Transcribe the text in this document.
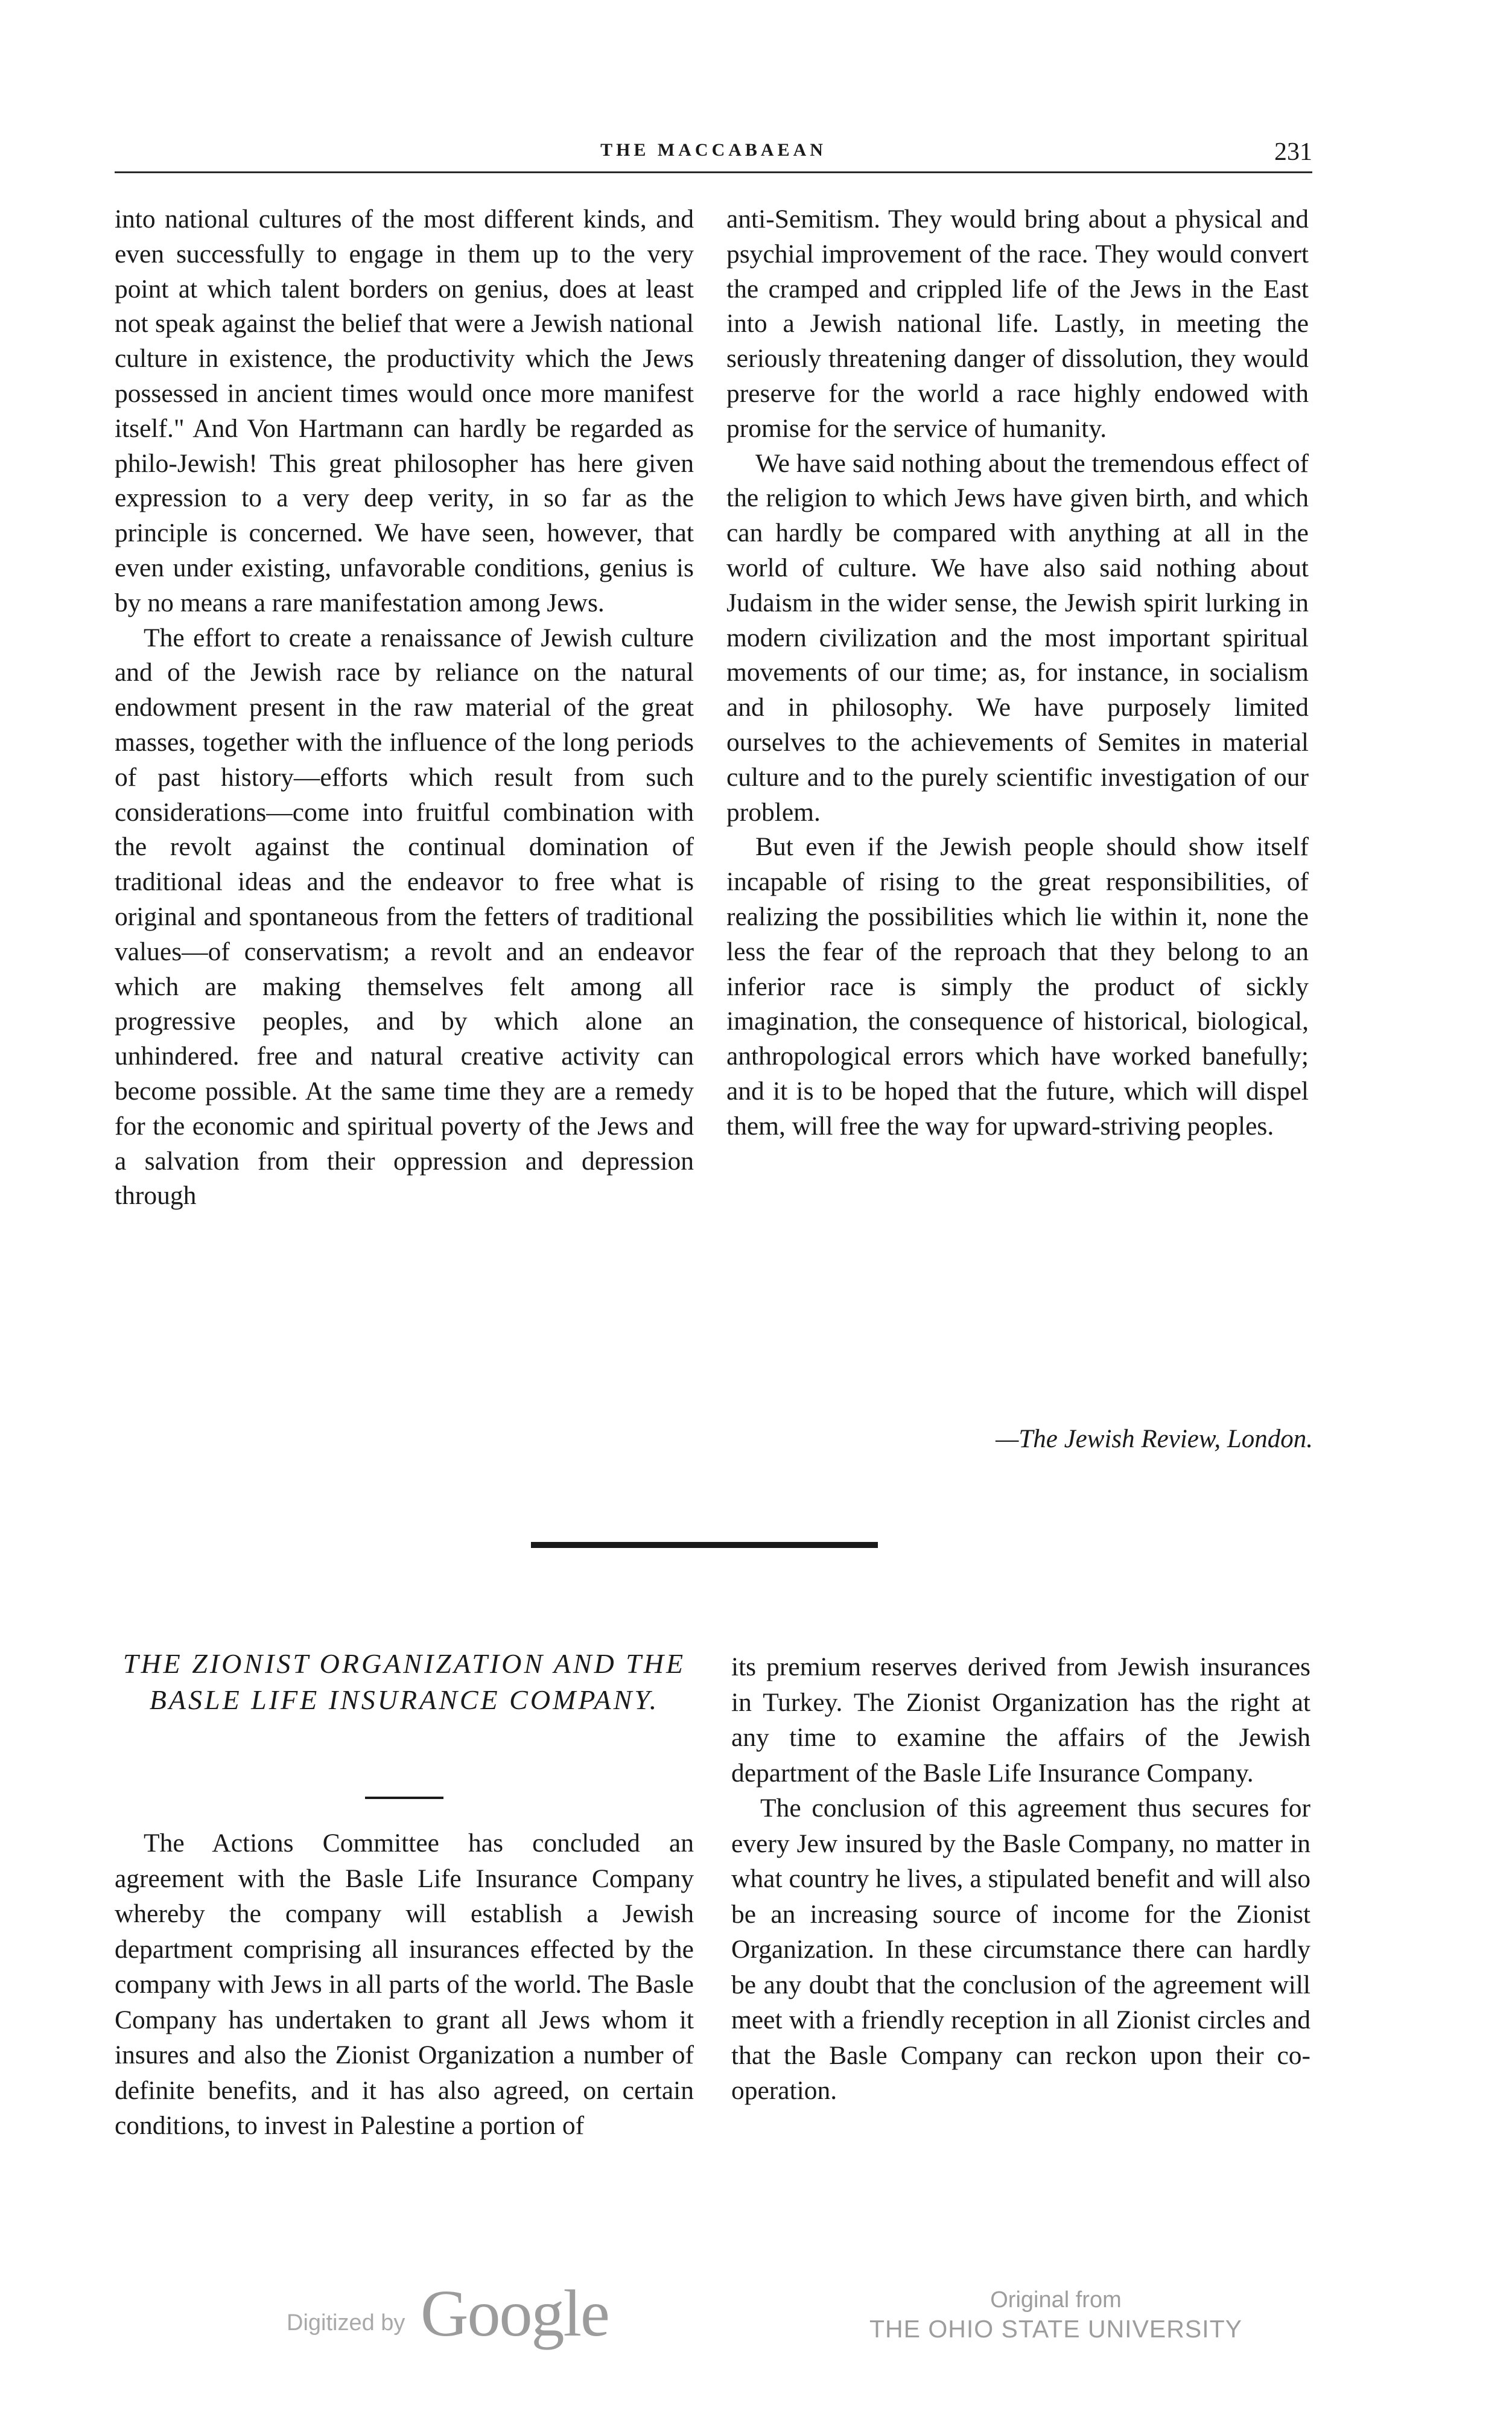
THE MACCABAEAN	231

into national cultures of the most different kinds, and even successfully to engage in them up to the very point at which talent borders on genius, does at least not speak against the belief that were a Jewish national culture in existence, the productivity which the Jews possessed in ancient times would once more manifest itself." And Von Hartmann can hardly be regarded as philo-Jewish! This great philosopher has here given expression to a very deep verity, in so far as the principle is concerned. We have seen, however, that even under existing, unfavorable conditions, genius is by no means a rare manifestation among Jews.

The effort to create a renaissance of Jewish culture and of the Jewish race by reliance on the natural endowment present in the raw material of the great masses, together with the influence of the long periods of past history—efforts which result from such considerations—come into fruitful combination with the revolt against the continual domination of traditional ideas and the endeavor to free what is original and spontaneous from the fetters of traditional values—of conservatism; a revolt and an endeavor which are making themselves felt among all progressive peoples, and by which alone an unhindered. free and natural creative activity can become possible. At the same time they are a remedy for the economic and spiritual poverty of the Jews and a salvation from their oppression and depression through

anti-Semitism. They would bring about a physical and psychial improvement of the race. They would convert the cramped and crippled life of the Jews in the East into a Jewish national life. Lastly, in meeting the seriously threatening danger of dissolution, they would preserve for the world a race highly endowed with promise for the service of humanity.

We have said nothing about the tremendous effect of the religion to which Jews have given birth, and which can hardly be compared with anything at all in the world of culture. We have also said nothing about Judaism in the wider sense, the Jewish spirit lurking in modern civilization and the most important spiritual movements of our time; as, for instance, in socialism and in philosophy. We have purposely limited ourselves to the achievements of Semites in material culture and to the purely scientific investigation of our problem.

But even if the Jewish people should show itself incapable of rising to the great responsibilities, of realizing the possibilities which lie within it, none the less the fear of the reproach that they belong to an inferior race is simply the product of sickly imagination, the consequence of historical, biological, anthropological errors which have worked banefully; and it is to be hoped that the future, which will dispel them, will free the way for upward-striving peoples.

—The Jewish Review, London.
THE ZIONIST ORGANIZATION AND THE BASLE LIFE INSURANCE COMPANY.

The Actions Committee has concluded an agreement with the Basle Life Insurance Company whereby the company will establish a Jewish department comprising all insurances effected by the company with Jews in all parts of the world. The Basle Company has undertaken to grant all Jews whom it insures and also the Zionist Organization a number of definite benefits, and it has also agreed, on certain conditions, to invest in Palestine a portion of

its premium reserves derived from Jewish insurances in Turkey. The Zionist Organization has the right at any time to examine the affairs of the Jewish department of the Basle Life Insurance Company.

The conclusion of this agreement thus secures for every Jew insured by the Basle Company, no matter in what country he lives, a stipulated benefit and will also be an increasing source of income for the Zionist Organization. In these circumstance there can hardly be any doubt that the conclusion of the agreement will meet with a friendly reception in all Zionist circles and that the Basle Company can reckon upon their co-operation.

Digitized by Google	Original from
THE OHIO STATE UNIVERSITY
